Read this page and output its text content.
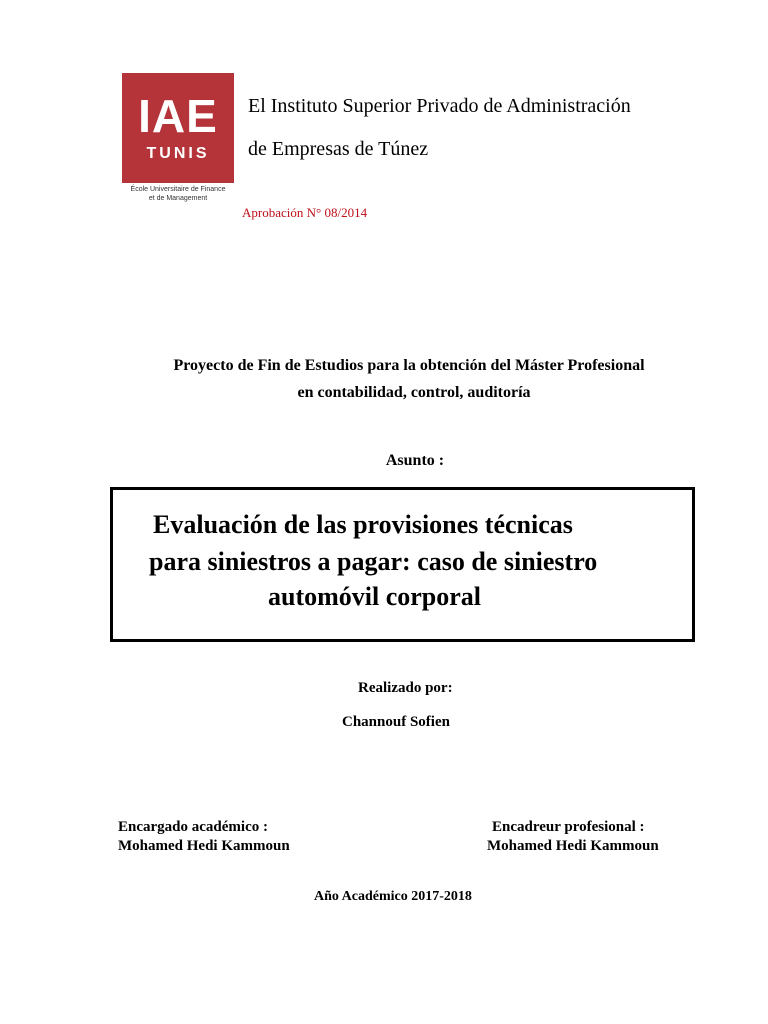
IAE
TUNIS
École Universitaire de Finance
et de Management
El Instituto Superior Privado de Administración
de Empresas de Túnez
Aprobación N° 08/2014
Proyecto de Fin de Estudios para la obtención del Máster Profesional
en contabilidad, control, auditoría
Asunto :
Evaluación de las provisiones técnicas
para siniestros a pagar: caso de siniestro
automóvil corporal
Realizado por:
Channouf Sofien
Encargado académico :
Mohamed Hedi Kammoun
Encadreur profesional :
Mohamed Hedi Kammoun
Año Académico 2017-2018
